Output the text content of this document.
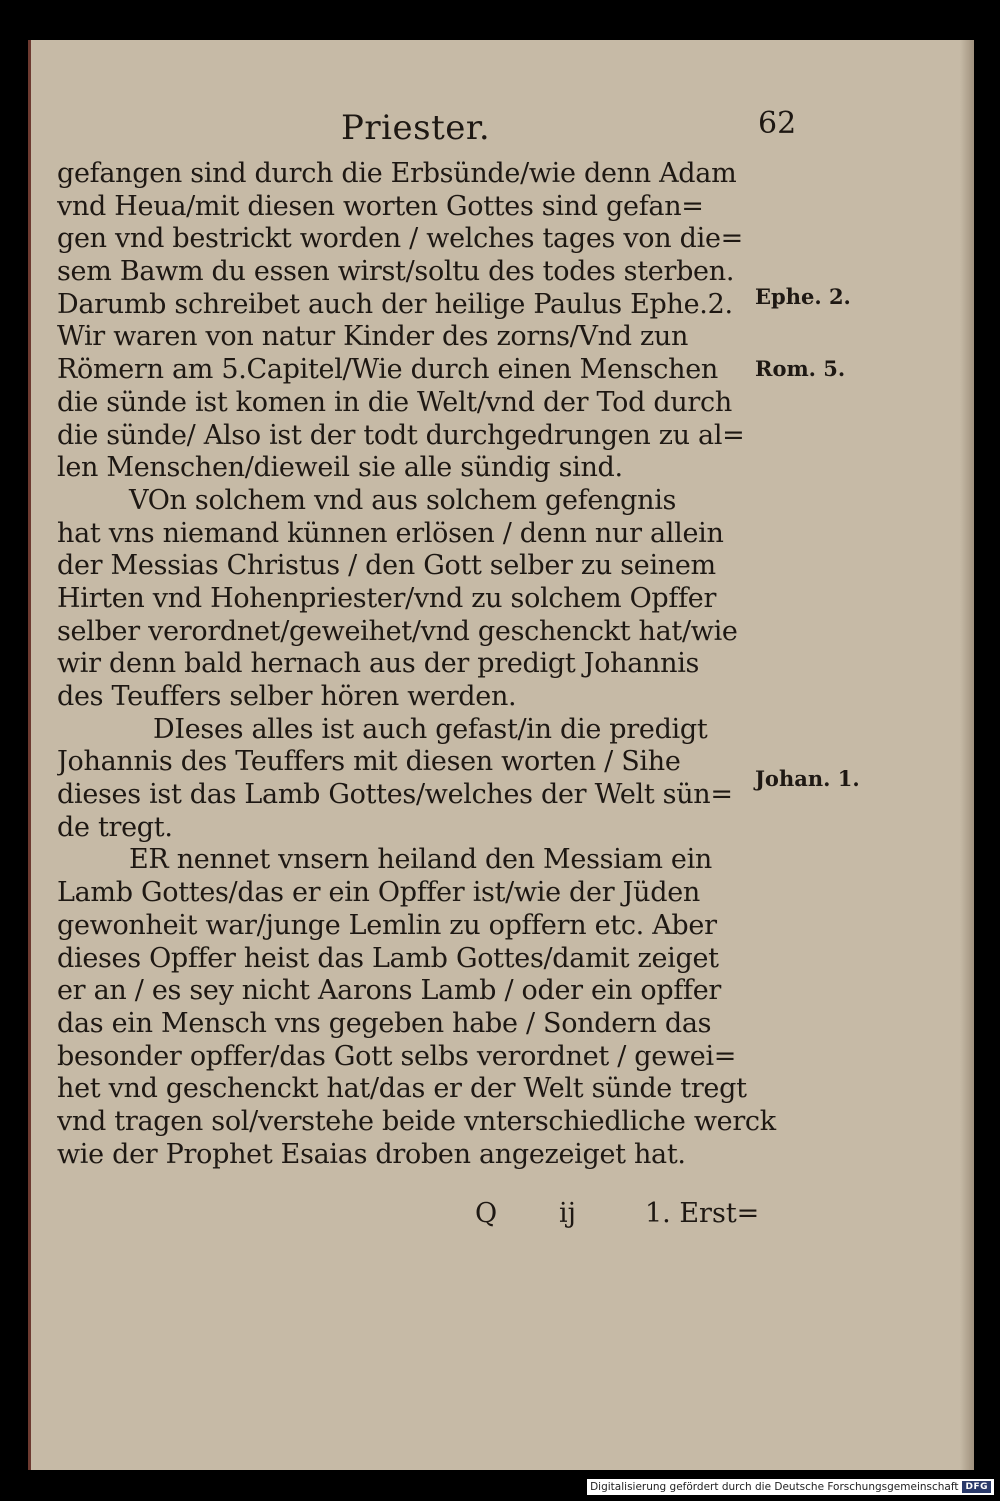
Priester.	62
gefangen sind durch die Erbsünde/wie denn Adam
vnd Heua/mit diesen worten Gottes sind gefan=
gen vnd bestrickt worden / welches tages von die=
sem Bawm du essen wirst/soltu des todes sterben.
Darumb schreibet auch der heilige Paulus Ephe.2.
Wir waren von natur Kinder des zorns/Vnd zun
Römern am 5.Capitel/Wie durch einen Menschen
die sünde ist komen in die Welt/vnd der Tod durch
die sünde/ Also ist der todt durchgedrungen zu al=
len Menschen/dieweil sie alle sündig sind.
VOn solchem vnd aus solchem gefengnis
hat vns niemand künnen erlösen / denn nur allein
der Messias Christus / den Gott selber zu seinem
Hirten vnd Hohenpriester/vnd zu solchem Opffer
selber verordnet/geweihet/vnd geschenckt hat/wie
wir denn bald hernach aus der predigt Johannis
des Teuffers selber hören werden.
DIeses alles ist auch gefast/in die predigt
Johannis des Teuffers mit diesen worten / Sihe
dieses ist das Lamb Gottes/welches der Welt sün=
de tregt.
ER nennet vnsern heiland den Messiam ein
Lamb Gottes/das er ein Opffer ist/wie der Jüden
gewonheit war/junge Lemlin zu opffern etc. Aber
dieses Opffer heist das Lamb Gottes/damit zeiget
er an / es sey nicht Aarons Lamb / oder ein opffer
das ein Mensch vns gegeben habe / Sondern das
besonder opffer/das Gott selbs verordnet / gewei=
het vnd geschenckt hat/das er der Welt sünde tregt
vnd tragen sol/verstehe beide vnterschiedliche werck
wie der Prophet Esaias droben angezeiget hat.
Ephe. 2.
Rom. 5.
Johan. 1.
Q ij	1. Erst=
Digitalisierung gefördert durch die Deutsche Forschungsgemeinschaft DFG
